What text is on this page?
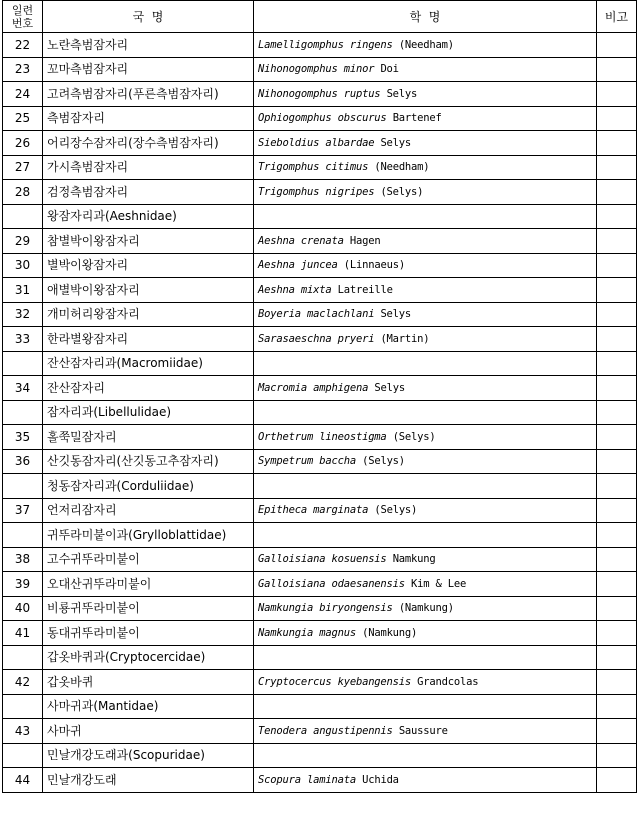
일련
번호	국  명	학  명	비고
22	노란측범잠자리	Lamelligomphus ringens (Needham)	
23	꼬마측범잠자리	Nihonogomphus minor Doi	
24	고려측범잠자리(푸른측범잠자리)	Nihonogomphus ruptus Selys	
25	측범잠자리	Ophiogomphus obscurus Bartenef	
26	어리장수잠자리(장수측범잠자리)	Sieboldius albardae Selys	
27	가시측범잠자리	Trigomphus citimus (Needham)	
28	검정측범잠자리	Trigomphus nigripes (Selys)	
	왕잠자리과(Aeshnidae)		
29	참별박이왕잠자리	Aeshna crenata Hagen	
30	별박이왕잠자리	Aeshna juncea (Linnaeus)	
31	애별박이왕잠자리	Aeshna mixta Latreille	
32	개미허리왕잠자리	Boyeria maclachlani Selys	
33	한라별왕잠자리	Sarasaeschna pryeri (Martin)	
	잔산잠자리과(Macromiidae)		
34	잔산잠자리	Macromia amphigena Selys	
	잠자리과(Libellulidae)		
35	홀쭉밀잠자리	Orthetrum lineostigma (Selys)	
36	산깃동잠자리(산깃동고추잠자리)	Sympetrum baccha (Selys)	
	청동잠자리과(Corduliidae)		
37	언저리잠자리	Epitheca marginata (Selys)	
	귀뚜라미붙이과(Grylloblattidae)		
38	고수귀뚜라미붙이	Galloisiana kosuensis Namkung	
39	오대산귀뚜라미붙이	Galloisiana odaesanensis Kim & Lee	
40	비룡귀뚜라미붙이	Namkungia biryongensis (Namkung)	
41	동대귀뚜라미붙이	Namkungia magnus (Namkung)	
	갑옷바퀴과(Cryptocercidae)		
42	갑옷바퀴	Cryptocercus kyebangensis Grandcolas	
	사마귀과(Mantidae)		
43	사마귀	Tenodera angustipennis Saussure	
	민날개강도래과(Scopuridae)		
44	민날개강도래	Scopura laminata Uchida	
